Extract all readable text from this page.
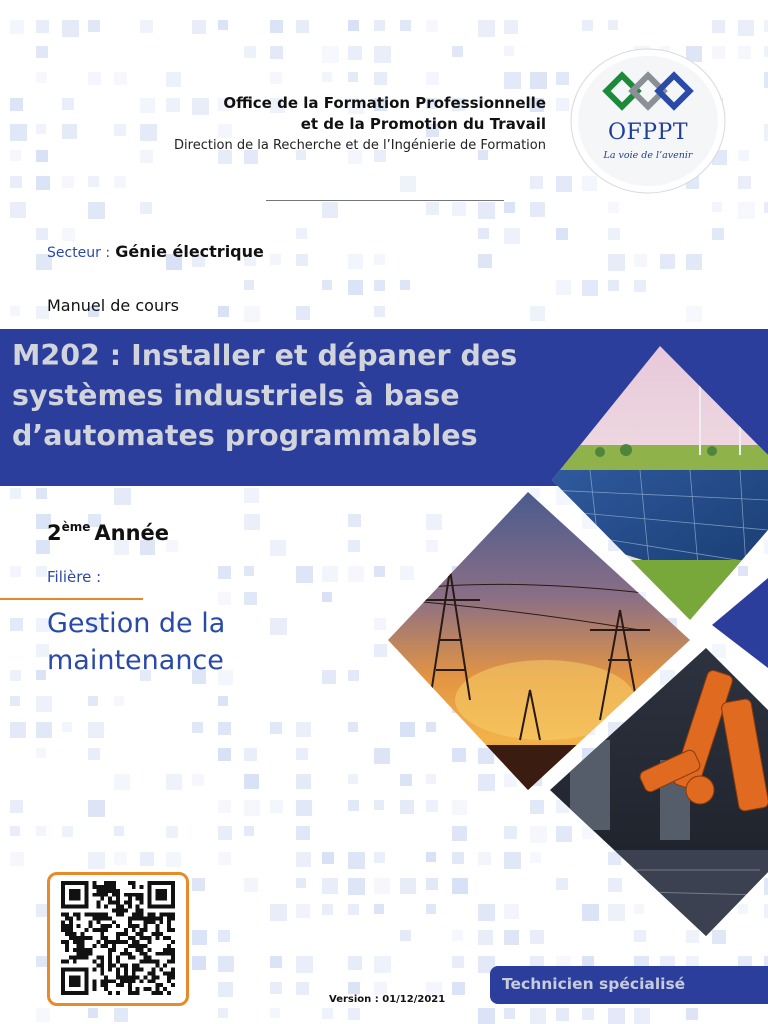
Office de la Formation Professionnelle
et de la Promotion du Travail
Direction de la Recherche et de l’Ingénierie de Formation
OFPPT
La voie de l’avenir
Secteur : Génie électrique
Manuel de cours
M202 : Installer et dépaner des
systèmes industriels à base
d’automates programmables
2ème Année
Filière :
Gestion de la
maintenance
Version : 01/12/2021
Technicien spécialisé
